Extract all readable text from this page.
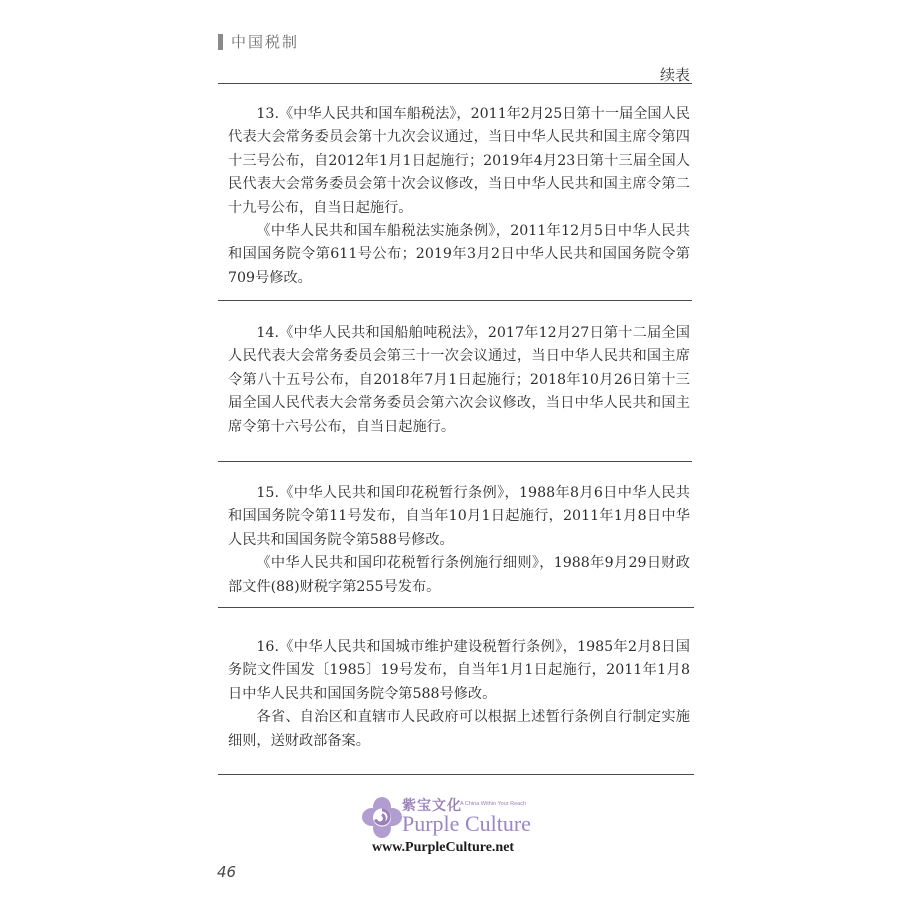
中国税制
续表

13.《中华人民共和国车船税法》，2011年2月25日第十一届全国人民代表大会常务委员会第十九次会议通过，当日中华人民共和国主席令第四十三号公布，自2012年1月1日起施行；2019年4月23日第十三届全国人民代表大会常务委员会第十次会议修改，当日中华人民共和国主席令第二十九号公布，自当日起施行。

《中华人民共和国车船税法实施条例》，2011年12月5日中华人民共和国国务院令第611号公布；2019年3月2日中华人民共和国国务院令第709号修改。

14.《中华人民共和国船舶吨税法》，2017年12月27日第十二届全国人民代表大会常务委员会第三十一次会议通过，当日中华人民共和国主席令第八十五号公布，自2018年7月1日起施行；2018年10月26日第十三届全国人民代表大会常务委员会第六次会议修改，当日中华人民共和国主席令第十六号公布，自当日起施行。

15.《中华人民共和国印花税暂行条例》，1988年8月6日中华人民共和国国务院令第11号发布，自当年10月1日起施行，2011年1月8日中华人民共和国国务院令第588号修改。

《中华人民共和国印花税暂行条例施行细则》，1988年9月29日财政部文件(88)财税字第255号发布。

16.《中华人民共和国城市维护建设税暂行条例》，1985年2月8日国务院文件国发〔1985〕19号发布，自当年1月1日起施行，2011年1月8日中华人民共和国国务院令第588号修改。

各省、自治区和直辖市人民政府可以根据上述暂行条例自行制定实施细则，送财政部备案。

紫宝文化
A China Within Your Reach
Purple Culture
www.PurpleCulture.net
46
